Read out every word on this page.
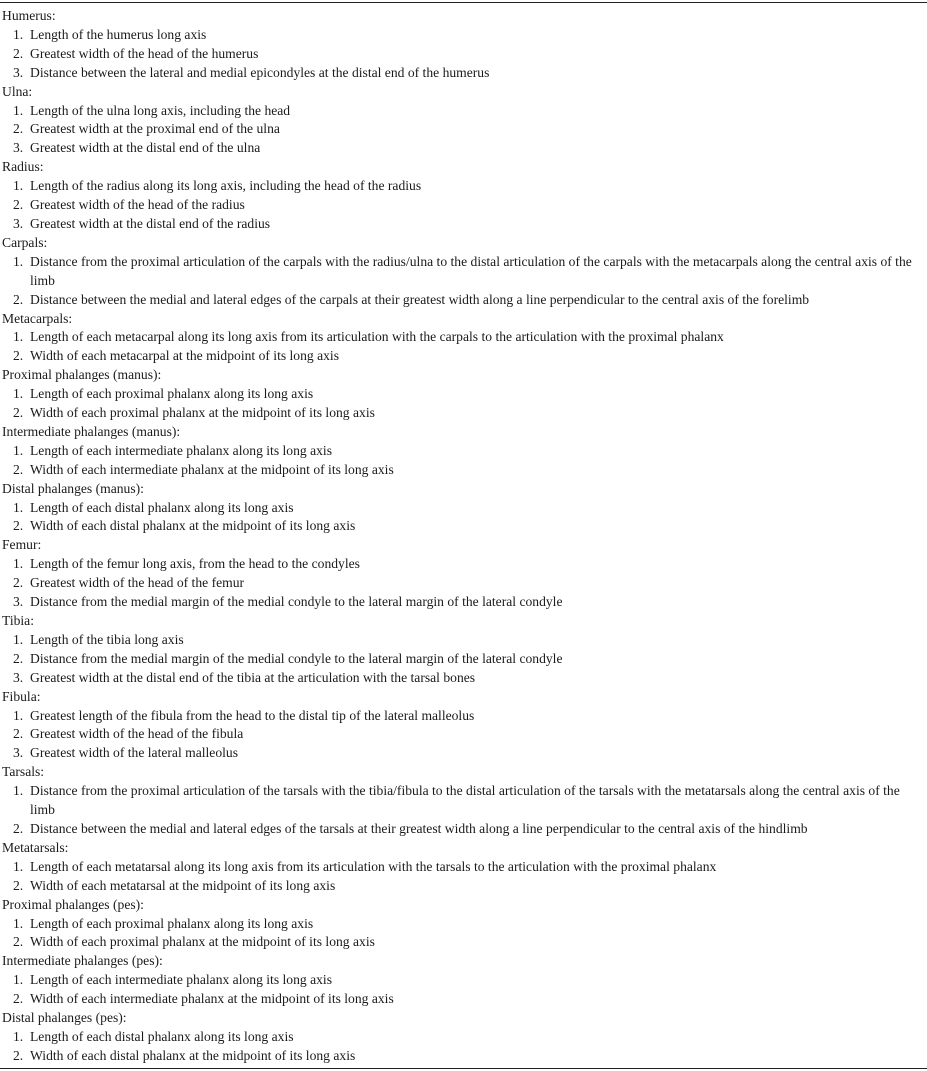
Humerus:
1. Length of the humerus long axis
2. Greatest width of the head of the humerus
3. Distance between the lateral and medial epicondyles at the distal end of the humerus
Ulna:
1. Length of the ulna long axis, including the head
2. Greatest width at the proximal end of the ulna
3. Greatest width at the distal end of the ulna
Radius:
1. Length of the radius along its long axis, including the head of the radius
2. Greatest width of the head of the radius
3. Greatest width at the distal end of the radius
Carpals:
1. Distance from the proximal articulation of the carpals with the radius/ulna to the distal articulation of the carpals with the metacarpals along the central axis of the limb
2. Distance between the medial and lateral edges of the carpals at their greatest width along a line perpendicular to the central axis of the forelimb
Metacarpals:
1. Length of each metacarpal along its long axis from its articulation with the carpals to the articulation with the proximal phalanx
2. Width of each metacarpal at the midpoint of its long axis
Proximal phalanges (manus):
1. Length of each proximal phalanx along its long axis
2. Width of each proximal phalanx at the midpoint of its long axis
Intermediate phalanges (manus):
1. Length of each intermediate phalanx along its long axis
2. Width of each intermediate phalanx at the midpoint of its long axis
Distal phalanges (manus):
1. Length of each distal phalanx along its long axis
2. Width of each distal phalanx at the midpoint of its long axis
Femur:
1. Length of the femur long axis, from the head to the condyles
2. Greatest width of the head of the femur
3. Distance from the medial margin of the medial condyle to the lateral margin of the lateral condyle
Tibia:
1. Length of the tibia long axis
2. Distance from the medial margin of the medial condyle to the lateral margin of the lateral condyle
3. Greatest width at the distal end of the tibia at the articulation with the tarsal bones
Fibula:
1. Greatest length of the fibula from the head to the distal tip of the lateral malleolus
2. Greatest width of the head of the fibula
3. Greatest width of the lateral malleolus
Tarsals:
1. Distance from the proximal articulation of the tarsals with the tibia/fibula to the distal articulation of the tarsals with the metatarsals along the central axis of the limb
2. Distance between the medial and lateral edges of the tarsals at their greatest width along a line perpendicular to the central axis of the hindlimb
Metatarsals:
1. Length of each metatarsal along its long axis from its articulation with the tarsals to the articulation with the proximal phalanx
2. Width of each metatarsal at the midpoint of its long axis
Proximal phalanges (pes):
1. Length of each proximal phalanx along its long axis
2. Width of each proximal phalanx at the midpoint of its long axis
Intermediate phalanges (pes):
1. Length of each intermediate phalanx along its long axis
2. Width of each intermediate phalanx at the midpoint of its long axis
Distal phalanges (pes):
1. Length of each distal phalanx along its long axis
2. Width of each distal phalanx at the midpoint of its long axis
